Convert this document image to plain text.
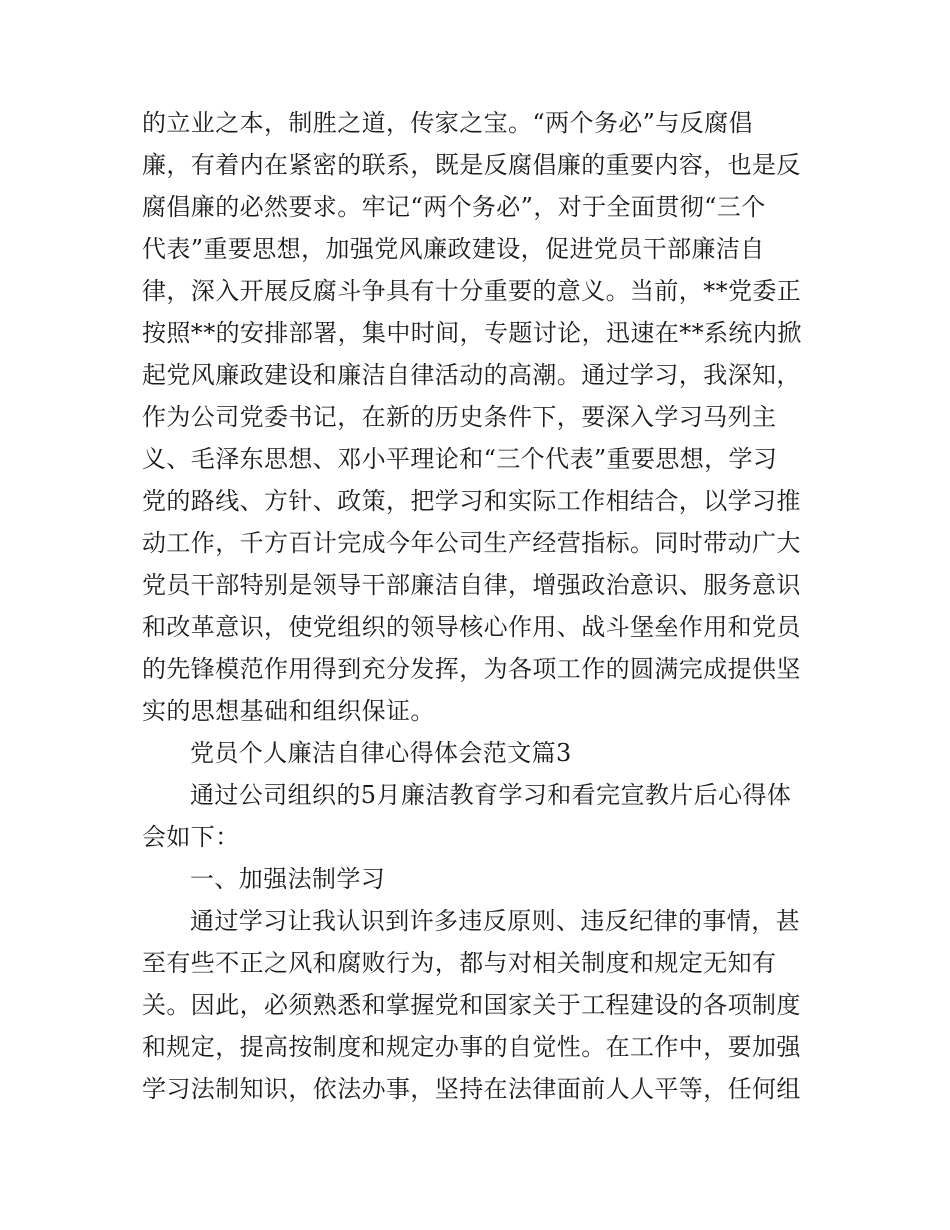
的立业之本，制胜之道，传家之宝。“两个务必”与反腐倡
廉，有着内在紧密的联系，既是反腐倡廉的重要内容，也是反
腐倡廉的必然要求。牢记“两个务必”，对于全面贯彻“三个
代表”重要思想，加强党风廉政建设，促进党员干部廉洁自
律，深入开展反腐斗争具有十分重要的意义。当前，**党委正
按照**的安排部署，集中时间，专题讨论，迅速在**系统内掀
起党风廉政建设和廉洁自律活动的高潮。通过学习，我深知，
作为公司党委书记，在新的历史条件下，要深入学习马列主
义、毛泽东思想、邓小平理论和“三个代表”重要思想，学习
党的路线、方针、政策，把学习和实际工作相结合，以学习推
动工作，千方百计完成今年公司生产经营指标。同时带动广大
党员干部特别是领导干部廉洁自律，增强政治意识、服务意识
和改革意识，使党组织的领导核心作用、战斗堡垒作用和党员
的先锋模范作用得到充分发挥，为各项工作的圆满完成提供坚
实的思想基础和组织保证。
党员个人廉洁自律心得体会范文篇3
通过公司组织的5月廉洁教育学习和看完宣教片后心得体
会如下：
一、加强法制学习
通过学习让我认识到许多违反原则、违反纪律的事情，甚
至有些不正之风和腐败行为，都与对相关制度和规定无知有
关。因此，必须熟悉和掌握党和国家关于工程建设的各项制度
和规定，提高按制度和规定办事的自觉性。在工作中，要加强
学习法制知识，依法办事，坚持在法律面前人人平等，任何组
